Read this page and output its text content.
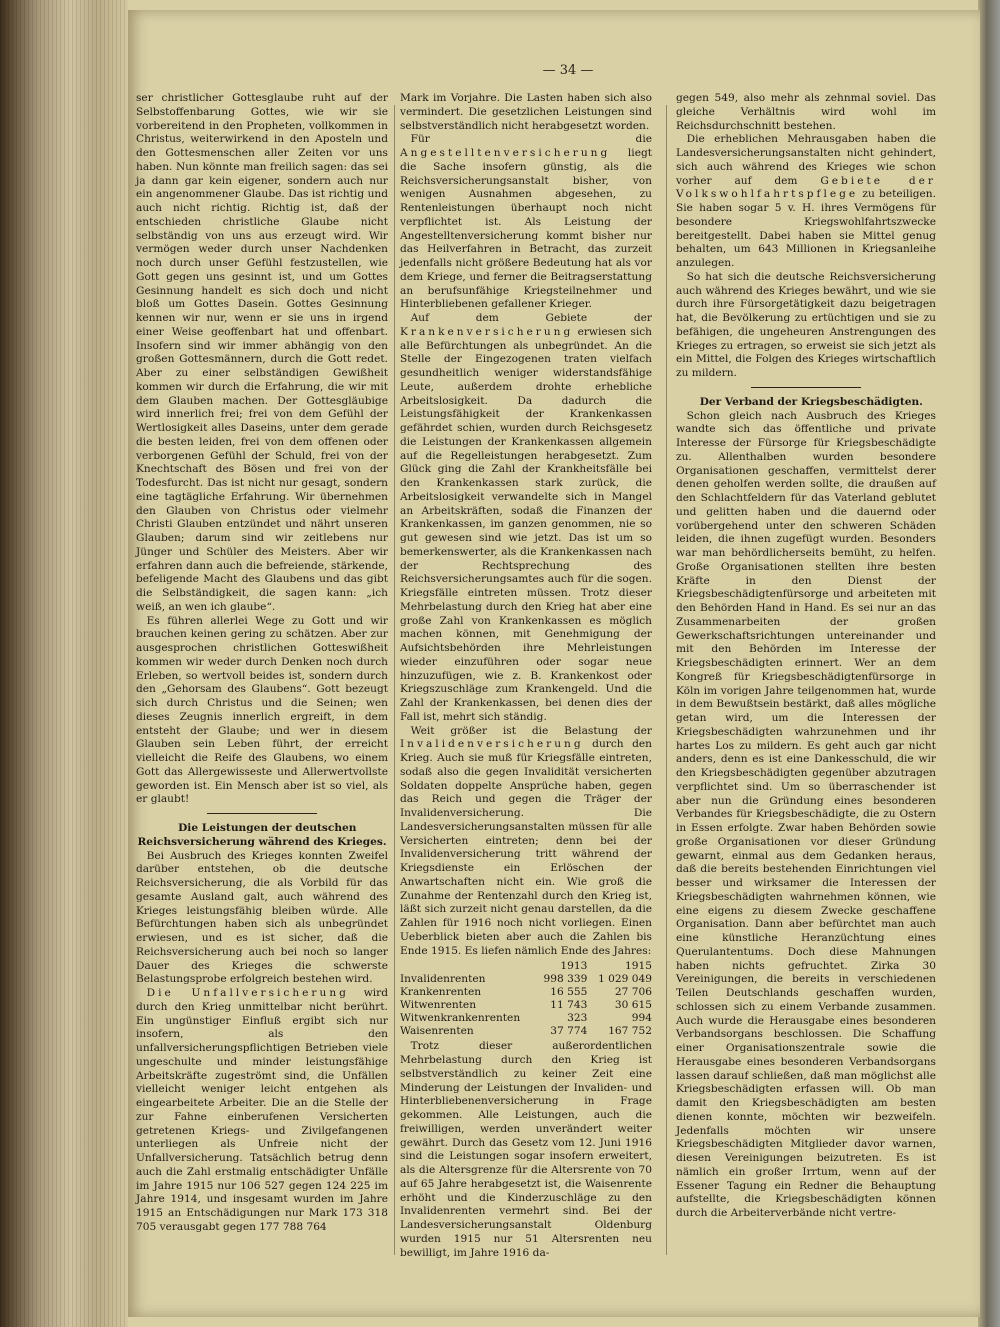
— 34 —

ser christlicher Gottesglaube ruht auf der Selbstoffenbarung Gottes, wie wir sie vorbereitend in den Propheten, vollkommen in Christus, weiterwirkend in den Aposteln und den Gottesmenschen aller Zeiten vor uns haben. Nun könnte man freilich sagen: das sei ja dann gar kein eigener, sondern auch nur ein angenommener Glaube. Das ist richtig und auch nicht richtig. Richtig ist, daß der entschieden christliche Glaube nicht selbständig von uns aus erzeugt wird. Wir vermögen weder durch unser Nachdenken noch durch unser Gefühl festzustellen, wie Gott gegen uns gesinnt ist, und um Gottes Gesinnung handelt es sich doch und nicht bloß um Gottes Dasein. Gottes Gesinnung kennen wir nur, wenn er sie uns in irgend einer Weise geoffenbart hat und offenbart. Insofern sind wir immer abhängig von den großen Gottesmännern, durch die Gott redet. Aber zu einer selbständigen Gewißheit kommen wir durch die Erfahrung, die wir mit dem Glauben machen. Der Gottesgläubige wird innerlich frei; frei von dem Gefühl der Wertlosigkeit alles Daseins, unter dem gerade die besten leiden, frei von dem offenen oder verborgenen Gefühl der Schuld, frei von der Knechtschaft des Bösen und frei von der Todesfurcht. Das ist nicht nur gesagt, sondern eine tagtägliche Erfahrung. Wir übernehmen den Glauben von Christus oder vielmehr Christi Glauben entzündet und nährt unseren Glauben; darum sind wir zeitlebens nur Jünger und Schüler des Meisters. Aber wir erfahren dann auch die befreiende, stärkende, befeligende Macht des Glaubens und das gibt die Selbständigkeit, die sagen kann: „ich weiß, an wen ich glaube“.

Es führen allerlei Wege zu Gott und wir brauchen keinen gering zu schätzen. Aber zur ausgesprochen christlichen Gotteswißheit kommen wir weder durch Denken noch durch Erleben, so wertvoll beides ist, sondern durch den „Gehorsam des Glaubens“. Gott bezeugt sich durch Christus und die Seinen; wen dieses Zeugnis innerlich ergreift, in dem entsteht der Glaube; und wer in diesem Glauben sein Leben führt, der erreicht vielleicht die Reife des Glaubens, wo einem Gott das Allergewisseste und Allerwertvollste geworden ist. Ein Mensch aber ist so viel, als er glaubt!

Die Leistungen der deutschen Reichsversicherung während des Krieges.

Bei Ausbruch des Krieges konnten Zweifel darüber entstehen, ob die deutsche Reichsversicherung, die als Vorbild für das gesamte Ausland galt, auch während des Krieges leistungsfähig bleiben würde. Alle Befürchtungen haben sich als unbegründet erwiesen, und es ist sicher, daß die Reichsversicherung auch bei noch so langer Dauer des Krieges die schwerste Belastungsprobe erfolgreich bestehen wird.

Die Unfallversicherung wird durch den Krieg unmittelbar nicht berührt. Ein ungünstiger Einfluß ergibt sich nur insofern, als den unfallversicherungspflichtigen Betrieben viele ungeschulte und minder leistungsfähige Arbeitskräfte zugeströmt sind, die Unfällen vielleicht weniger leicht entgehen als eingearbeitete Arbeiter. Die an die Stelle der zur Fahne einberufenen Versicherten getretenen Kriegs- und Zivilgefangenen unterliegen als Unfreie nicht der Unfallversicherung. Tatsächlich betrug denn auch die Zahl erstmalig entschädigter Unfälle im Jahre 1915 nur 106 527 gegen 124 225 im Jahre 1914, und insgesamt wurden im Jahre 1915 an Entschädigungen nur Mark 173 318 705 verausgabt gegen 177 788 764

Mark im Vorjahre. Die Lasten haben sich also vermindert. Die gesetzlichen Leistungen sind selbstverständlich nicht herabgesetzt worden.

Für die Angestelltenversicherung liegt die Sache insofern günstig, als die Reichsversicherungsanstalt bisher, von wenigen Ausnahmen abgesehen, zu Rentenleistungen überhaupt noch nicht verpflichtet ist. Als Leistung der Angestelltenversicherung kommt bisher nur das Heilverfahren in Betracht, das zurzeit jedenfalls nicht größere Bedeutung hat als vor dem Kriege, und ferner die Beitragserstattung an berufsunfähige Kriegsteilnehmer und Hinterbliebenen gefallener Krieger.

Auf dem Gebiete der Krankenversicherung erwiesen sich alle Befürchtungen als unbegründet. An die Stelle der Eingezogenen traten vielfach gesundheitlich weniger widerstandsfähige Leute, außerdem drohte erhebliche Arbeitslosigkeit. Da dadurch die Leistungsfähigkeit der Krankenkassen gefährdet schien, wurden durch Reichsgesetz die Leistungen der Krankenkassen allgemein auf die Regelleistungen herabgesetzt. Zum Glück ging die Zahl der Krankheitsfälle bei den Krankenkassen stark zurück, die Arbeitslosigkeit verwandelte sich in Mangel an Arbeitskräften, sodaß die Finanzen der Krankenkassen, im ganzen genommen, nie so gut gewesen sind wie jetzt. Das ist um so bemerkenswerter, als die Krankenkassen nach der Rechtsprechung des Reichsversicherungsamtes auch für die sogen. Kriegsfälle eintreten müssen. Trotz dieser Mehrbelastung durch den Krieg hat aber eine große Zahl von Krankenkassen es möglich machen können, mit Genehmigung der Aufsichtsbehörden ihre Mehrleistungen wieder einzuführen oder sogar neue hinzuzufügen, wie z. B. Krankenkost oder Kriegszuschläge zum Krankengeld. Und die Zahl der Krankenkassen, bei denen dies der Fall ist, mehrt sich ständig.

Weit größer ist die Belastung der Invalidenversicherung durch den Krieg. Auch sie muß für Kriegsfälle eintreten, sodaß also die gegen Invalidität versicherten Soldaten doppelte Ansprüche haben, gegen das Reich und gegen die Träger der Invalidenversicherung. Die Landesversicherungsanstalten müssen für alle Versicherten eintreten; denn bei der Invalidenversicherung tritt während der Kriegsdienste ein Erlöschen der Anwartschaften nicht ein. Wie groß die Zunahme der Rentenzahl durch den Krieg ist, läßt sich zurzeit nicht genau darstellen, da die Zahlen für 1916 noch nicht vorliegen. Einen Ueberblick bieten aber auch die Zahlen bis Ende 1915. Es liefen nämlich Ende des Jahres:

	1913	1915
Invalidenrenten	998 339	1 029 049
Krankenrenten	16 555	27 706
Witwenrenten	11 743	30 615
Witwenkrankenrenten	323	994
Waisenrenten	37 774	167 752

Trotz dieser außerordentlichen Mehrbelastung durch den Krieg ist selbstverständlich zu keiner Zeit eine Minderung der Leistungen der Invaliden- und Hinterbliebenenversicherung in Frage gekommen. Alle Leistungen, auch die freiwilligen, werden unverändert weiter gewährt. Durch das Gesetz vom 12. Juni 1916 sind die Leistungen sogar insofern erweitert, als die Altersgrenze für die Altersrente von 70 auf 65 Jahre herabgesetzt ist, die Waisenrente erhöht und die Kinderzuschläge zu den Invalidenrenten vermehrt sind. Bei der Landesversicherungsanstalt Oldenburg wurden 1915 nur 51 Altersrenten neu bewilligt, im Jahre 1916 da-

gegen 549, also mehr als zehnmal soviel. Das gleiche Verhältnis wird wohl im Reichsdurchschnitt bestehen.

Die erheblichen Mehrausgaben haben die Landesversicherungsanstalten nicht gehindert, sich auch während des Krieges wie schon vorher auf dem Gebiete der Volkswohlfahrtspflege zu beteiligen. Sie haben sogar 5 v. H. ihres Vermögens für besondere Kriegswohlfahrtszwecke bereitgestellt. Dabei haben sie Mittel genug behalten, um 643 Millionen in Kriegsanleihe anzulegen.

So hat sich die deutsche Reichsversicherung auch während des Krieges bewährt, und wie sie durch ihre Fürsorgetätigkeit dazu beigetragen hat, die Bevölkerung zu ertüchtigen und sie zu befähigen, die ungeheuren Anstrengungen des Krieges zu ertragen, so erweist sie sich jetzt als ein Mittel, die Folgen des Krieges wirtschaftlich zu mildern.

Der Verband der Kriegsbeschädigten.

Schon gleich nach Ausbruch des Krieges wandte sich das öffentliche und private Interesse der Fürsorge für Kriegsbeschädigte zu. Allenthalben wurden besondere Organisationen geschaffen, vermittelst derer denen geholfen werden sollte, die draußen auf den Schlachtfeldern für das Vaterland geblutet und gelitten haben und die dauernd oder vorübergehend unter den schweren Schäden leiden, die ihnen zugefügt wurden. Besonders war man behördlicherseits bemüht, zu helfen. Große Organisationen stellten ihre besten Kräfte in den Dienst der Kriegsbeschädigtenfürsorge und arbeiteten mit den Behörden Hand in Hand. Es sei nur an das Zusammenarbeiten der großen Gewerkschaftsrichtungen untereinander und mit den Behörden im Interesse der Kriegsbeschädigten erinnert. Wer an dem Kongreß für Kriegsbeschädigtenfürsorge in Köln im vorigen Jahre teilgenommen hat, wurde in dem Bewußtsein bestärkt, daß alles mögliche getan wird, um die Interessen der Kriegsbeschädigten wahrzunehmen und ihr hartes Los zu mildern. Es geht auch gar nicht anders, denn es ist eine Dankesschuld, die wir den Kriegsbeschädigten gegenüber abzutragen verpflichtet sind. Um so überraschender ist aber nun die Gründung eines besonderen Verbandes für Kriegsbeschädigte, die zu Ostern in Essen erfolgte. Zwar haben Behörden sowie große Organisationen vor dieser Gründung gewarnt, einmal aus dem Gedanken heraus, daß die bereits bestehenden Einrichtungen viel besser und wirksamer die Interessen der Kriegsbeschädigten wahrnehmen können, wie eine eigens zu diesem Zwecke geschaffene Organisation. Dann aber befürchtet man auch eine künstliche Heranzüchtung eines Querulantentums. Doch diese Mahnungen haben nichts gefruchtet. Zirka 30 Vereinigungen, die bereits in verschiedenen Teilen Deutschlands geschaffen wurden, schlossen sich zu einem Verbande zusammen. Auch wurde die Herausgabe eines besonderen Verbandsorgans beschlossen. Die Schaffung einer Organisationszentrale sowie die Herausgabe eines besonderen Verbandsorgans lassen darauf schließen, daß man möglichst alle Kriegsbeschädigten erfassen will. Ob man damit den Kriegsbeschädigten am besten dienen konnte, möchten wir bezweifeln. Jedenfalls möchten wir unsere Kriegsbeschädigten Mitglieder davor warnen, diesen Vereinigungen beizutreten. Es ist nämlich ein großer Irrtum, wenn auf der Essener Tagung ein Redner die Behauptung aufstellte, die Kriegsbeschädigten können durch die Arbeiterverbände nicht vertre-
